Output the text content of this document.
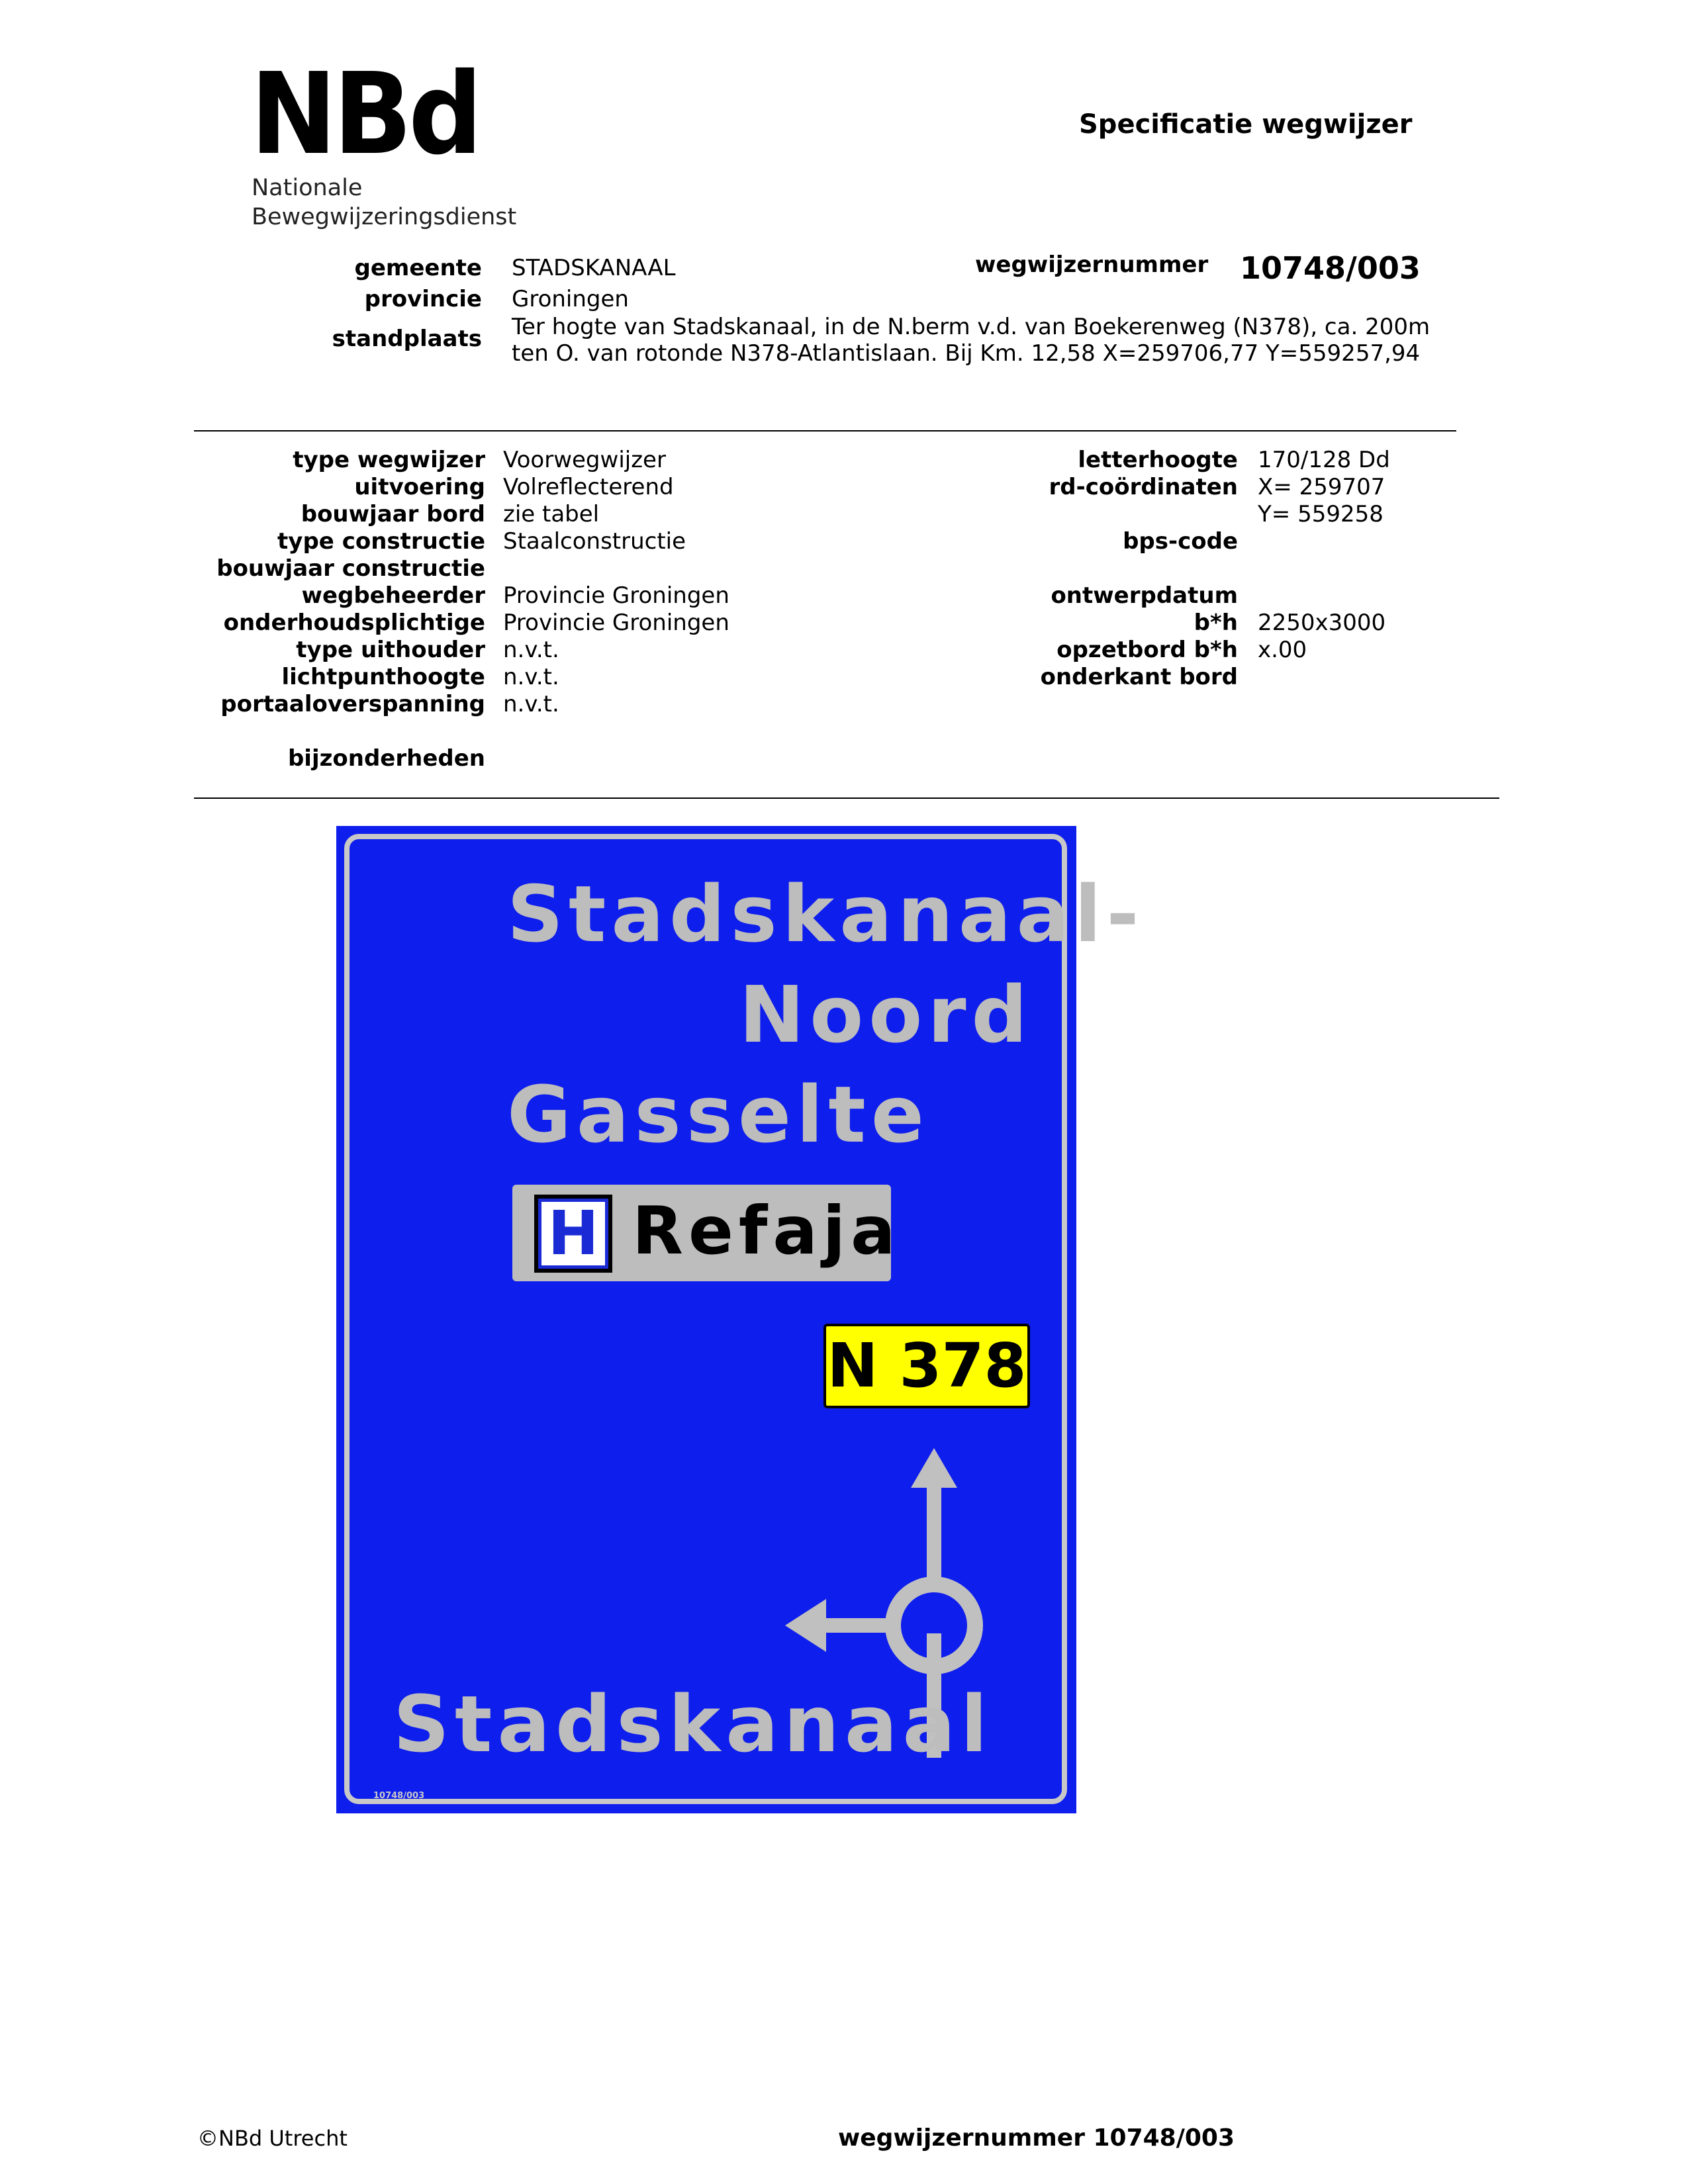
NBd
Nationale
Bewegwijzeringsdienst
Specificatie wegwijzer
gemeente STADSKANAAL
provincie Groningen
standplaats Ter hogte van Stadskanaal, in de N.berm v.d. van Boekerenweg (N378), ca. 200m
ten O. van rotonde N378-Atlantislaan. Bij Km. 12,58 X=259706,77 Y=559257,94
wegwijzernummer 10748/003
type wegwijzer
uitvoering
bouwjaar bord
type constructie
bouwjaar constructie
wegbeheerder
onderhoudsplichtige
type uithouder
lichtpunthoogte
portaaloverspanning
bijzonderheden
Voorwegwijzer
Volreflecterend
zie tabel
Staalconstructie
Provincie Groningen
Provincie Groningen
n.v.t.
n.v.t.
n.v.t.
letterhoogte
rd-coördinaten
bps-code
ontwerpdatum
b*h
opzetbord b*h
onderkant bord
170/128 Dd
X= 259707
Y= 559258
2250x3000
x.00
Stadskanaal-
Noord
Gasselte
H Refaja
N 378
Stadskanaal
10748/003
©NBd Utrecht	wegwijzernummer 10748/003
